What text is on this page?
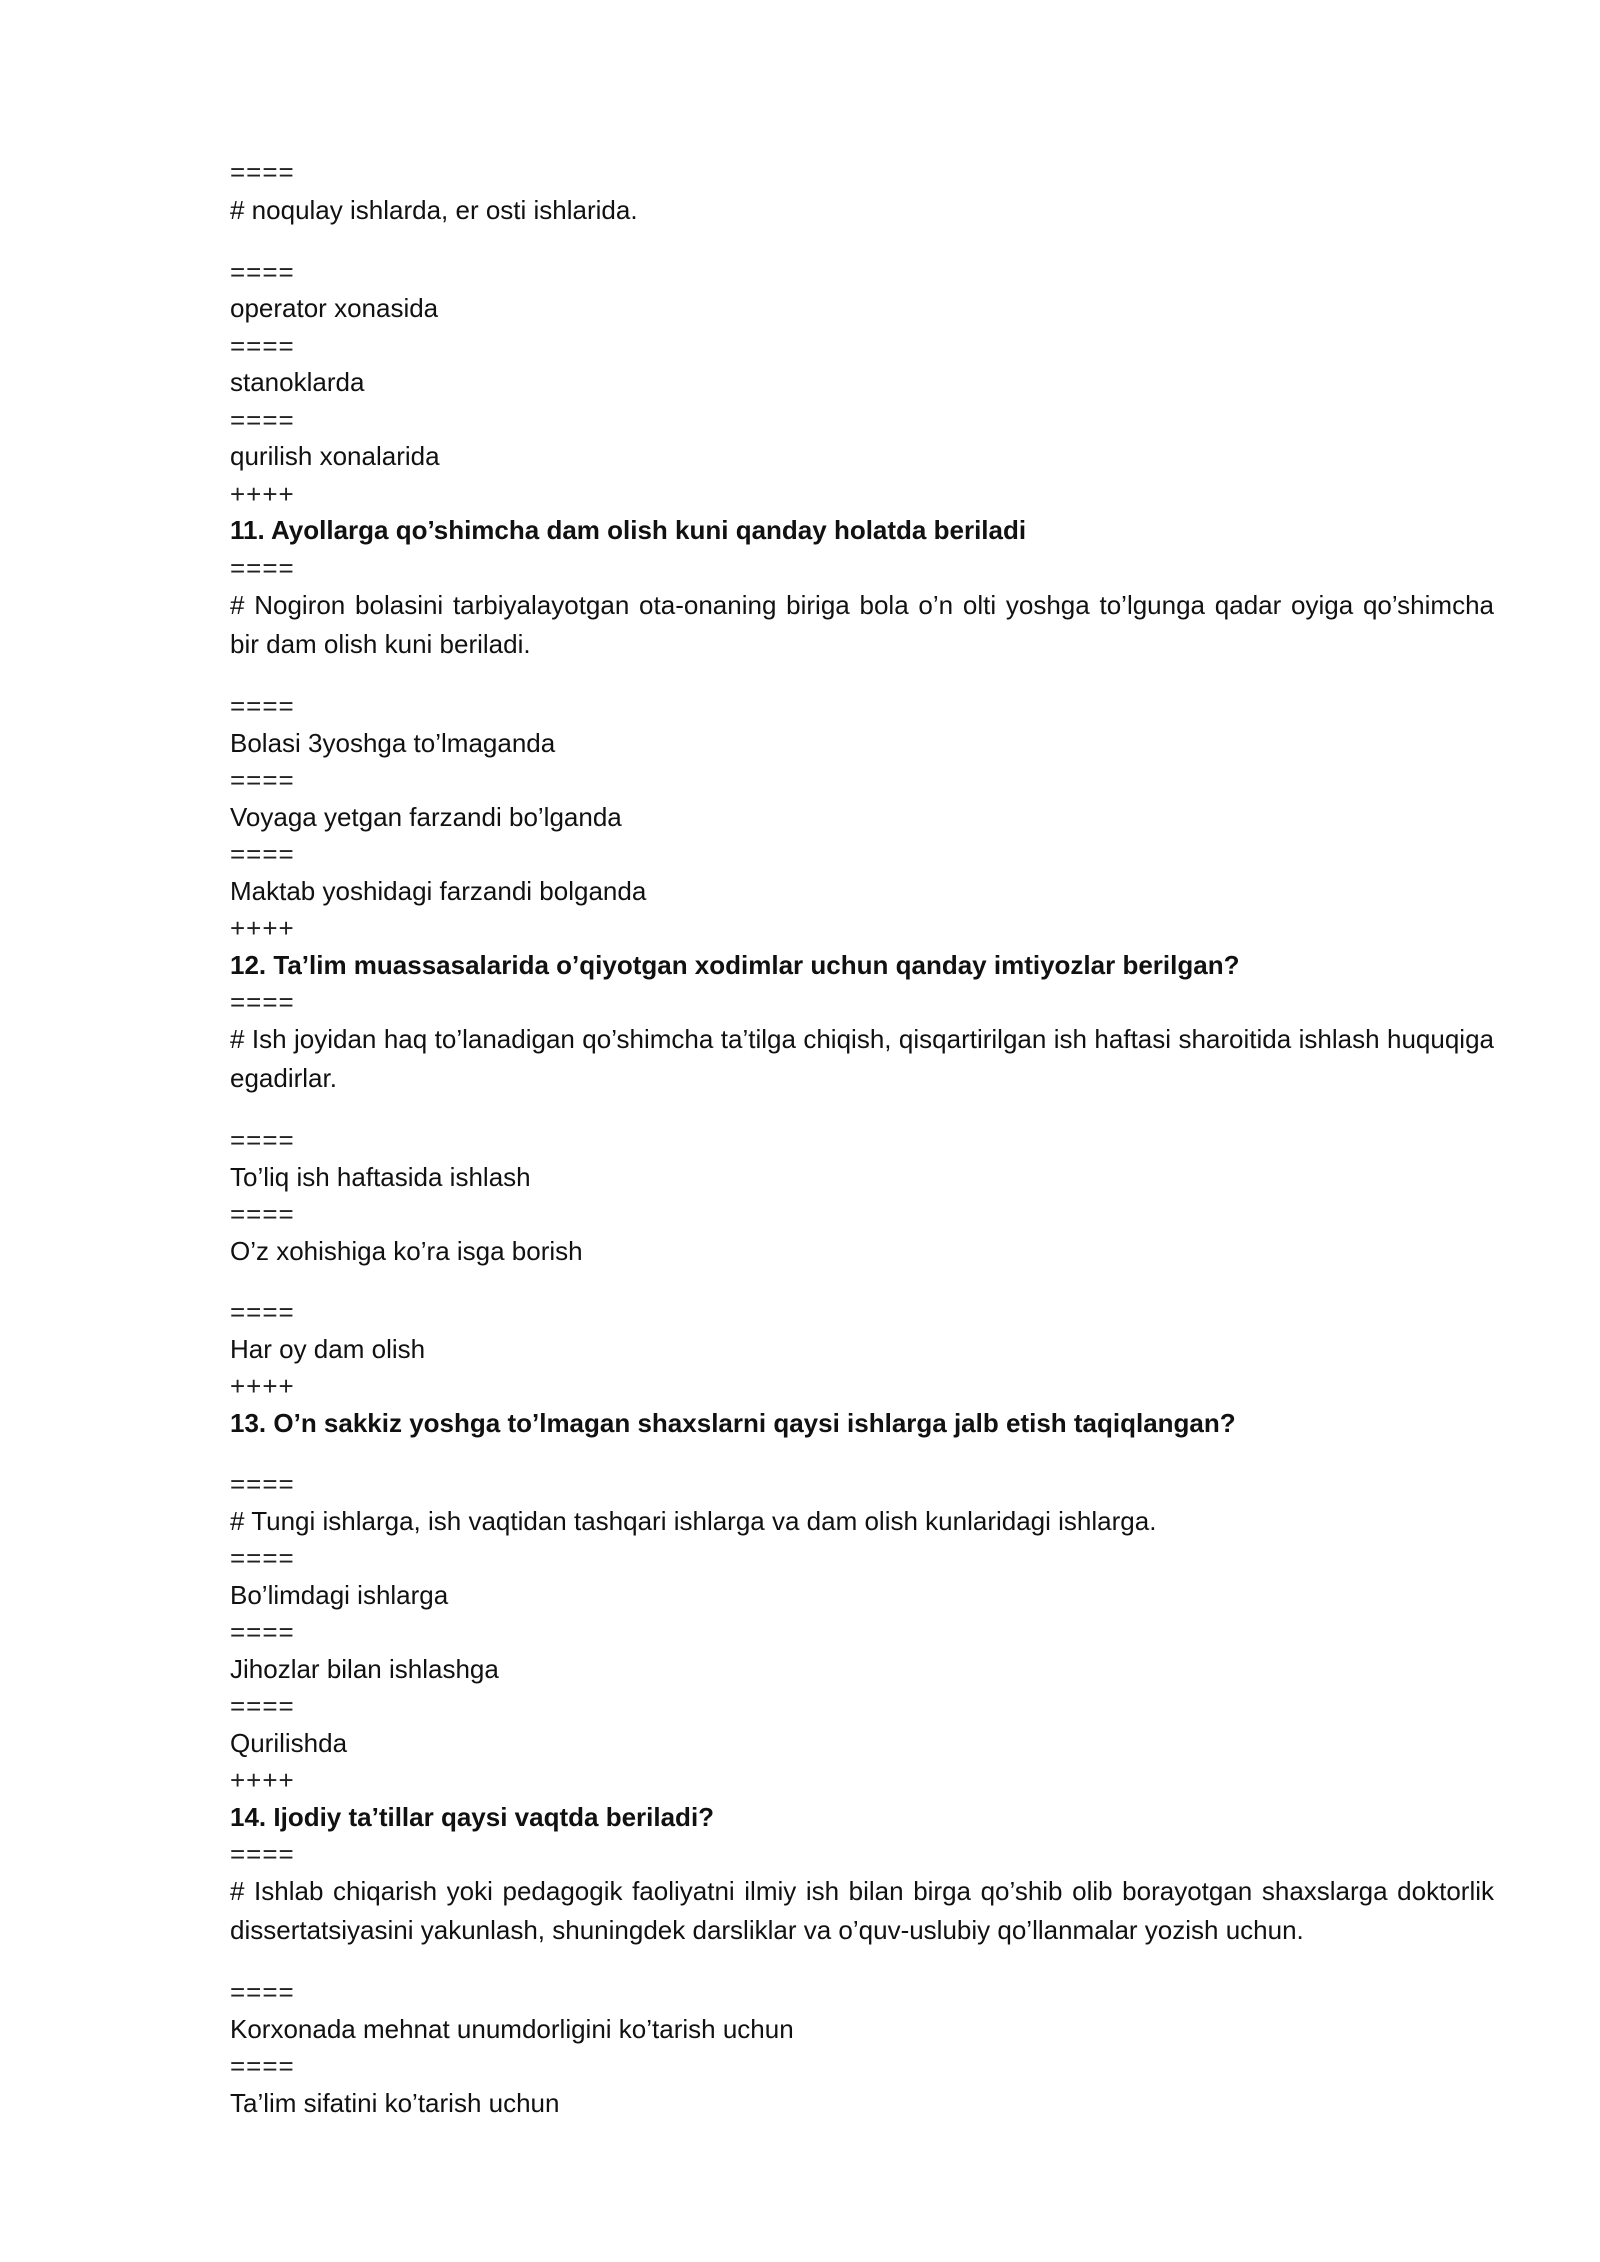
====
# noqulay ishlarda, er osti ishlarida.
====
operator xonasida
====
stanoklarda
====
qurilish xonalarida
++++
11. Ayollarga qo’shimcha dam olish kuni qanday holatda beriladi
====
# Nogiron bolasini tarbiyalayotgan ota-onaning biriga bola o’n olti yoshga to’lgunga qadar oyiga qo’shimcha bir dam olish kuni beriladi.
====
Bolasi 3yoshga to’lmaganda
====
Voyaga yetgan farzandi bo’lganda
====
Maktab yoshidagi farzandi bolganda
++++
12. Ta’lim muassasalarida o’qiyotgan xodimlar uchun qanday imtiyozlar berilgan?
====
# Ish joyidan haq to’lanadigan qo’shimcha ta’tilga chiqish, qisqartirilgan ish haftasi sharoitida ishlash huquqiga egadirlar.
====
To’liq ish haftasida ishlash
====
O’z xohishiga ko’ra isga borish
====
Har oy dam olish
++++
13. O’n sakkiz yoshga to’lmagan shaxslarni qaysi ishlarga jalb etish taqiqlangan?
====
# Tungi ishlarga, ish vaqtidan tashqari ishlarga va dam olish kunlaridagi ishlarga.
====
Bo’limdagi ishlarga
====
Jihozlar bilan ishlashga
====
Qurilishda
++++
14. Ijodiy ta’tillar qaysi vaqtda beriladi?
====
# Ishlab chiqarish yoki pedagogik faoliyatni ilmiy ish bilan birga qo’shib olib borayotgan shaxslarga doktorlik dissertatsiyasini yakunlash, shuningdek darsliklar va o’quv-uslubiy qo’llanmalar yozish uchun.
====
Korxonada mehnat unumdorligini ko’tarish uchun
====
Ta’lim sifatini ko’tarish uchun
